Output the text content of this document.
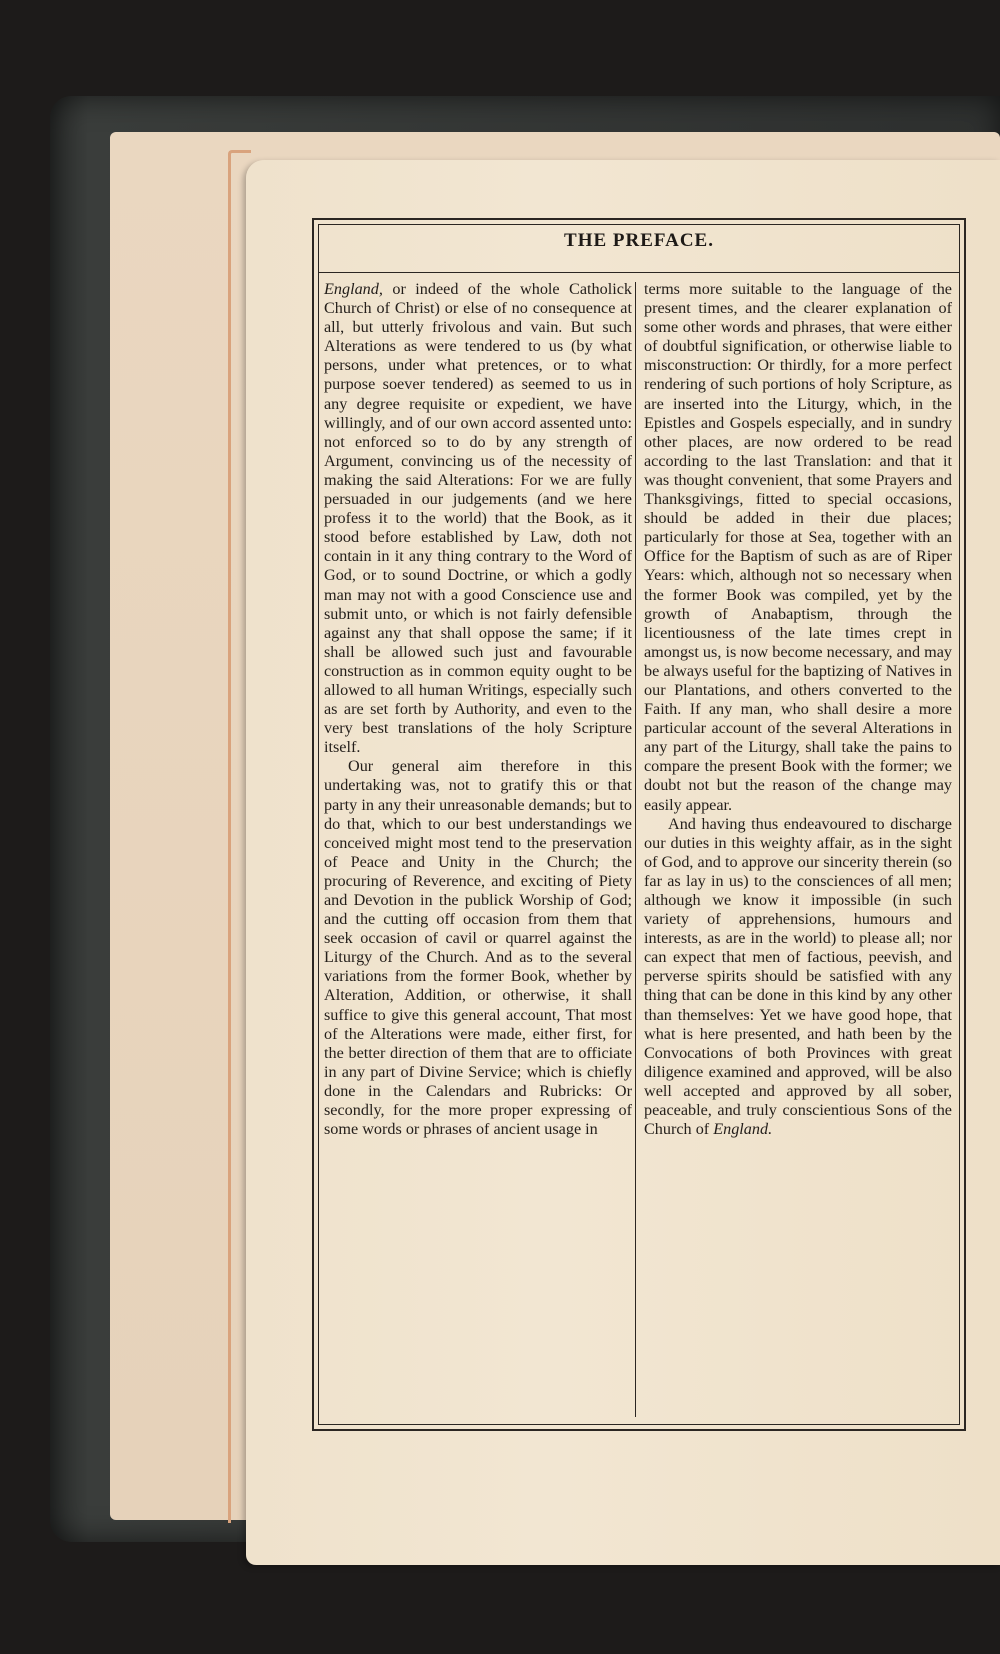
THE PREFACE.

England, or indeed of the whole Catholick Church of Christ) or else of no consequence at all, but utterly frivolous and vain. But such Alterations as were tendered to us (by what persons, under what pretences, or to what purpose soever tendered) as seemed to us in any degree requisite or expedient, we have willingly, and of our own accord assented unto: not enforced so to do by any strength of Argument, convincing us of the necessity of making the said Alterations: For we are fully persuaded in our judgements (and we here profess it to the world) that the Book, as it stood before established by Law, doth not contain in it any thing contrary to the Word of God, or to sound Doctrine, or which a godly man may not with a good Conscience use and submit unto, or which is not fairly defensible against any that shall oppose the same; if it shall be allowed such just and favourable construction as in common equity ought to be allowed to all human Writings, especially such as are set forth by Authority, and even to the very best translations of the holy Scripture itself.

Our general aim therefore in this undertaking was, not to gratify this or that party in any their unreasonable demands; but to do that, which to our best understandings we conceived might most tend to the preservation of Peace and Unity in the Church; the procuring of Reverence, and exciting of Piety and Devotion in the publick Worship of God; and the cutting off occasion from them that seek occasion of cavil or quarrel against the Liturgy of the Church. And as to the several variations from the former Book, whether by Alteration, Addition, or otherwise, it shall suffice to give this general account, That most of the Alterations were made, either first, for the better direction of them that are to officiate in any part of Divine Service; which is chiefly done in the Calendars and Rubricks: Or secondly, for the more proper expressing of some words or phrases of ancient usage in

terms more suitable to the language of the present times, and the clearer explanation of some other words and phrases, that were either of doubtful signification, or otherwise liable to misconstruction: Or thirdly, for a more perfect rendering of such portions of holy Scripture, as are inserted into the Liturgy, which, in the Epistles and Gospels especially, and in sundry other places, are now ordered to be read according to the last Translation: and that it was thought convenient, that some Prayers and Thanksgivings, fitted to special occasions, should be added in their due places; particularly for those at Sea, together with an Office for the Baptism of such as are of Riper Years: which, although not so necessary when the former Book was compiled, yet by the growth of Anabaptism, through the licentiousness of the late times crept in amongst us, is now become necessary, and may be always useful for the baptizing of Natives in our Plantations, and others converted to the Faith. If any man, who shall desire a more particular account of the several Alterations in any part of the Liturgy, shall take the pains to compare the present Book with the former; we doubt not but the reason of the change may easily appear.

And having thus endeavoured to discharge our duties in this weighty affair, as in the sight of God, and to approve our sincerity therein (so far as lay in us) to the consciences of all men; although we know it impossible (in such variety of apprehensions, humours and interests, as are in the world) to please all; nor can expect that men of factious, peevish, and perverse spirits should be satisfied with any thing that can be done in this kind by any other than themselves: Yet we have good hope, that what is here presented, and hath been by the Convocations of both Provinces with great diligence examined and approved, will be also well accepted and approved by all sober, peaceable, and truly conscientious Sons of the Church of England.
